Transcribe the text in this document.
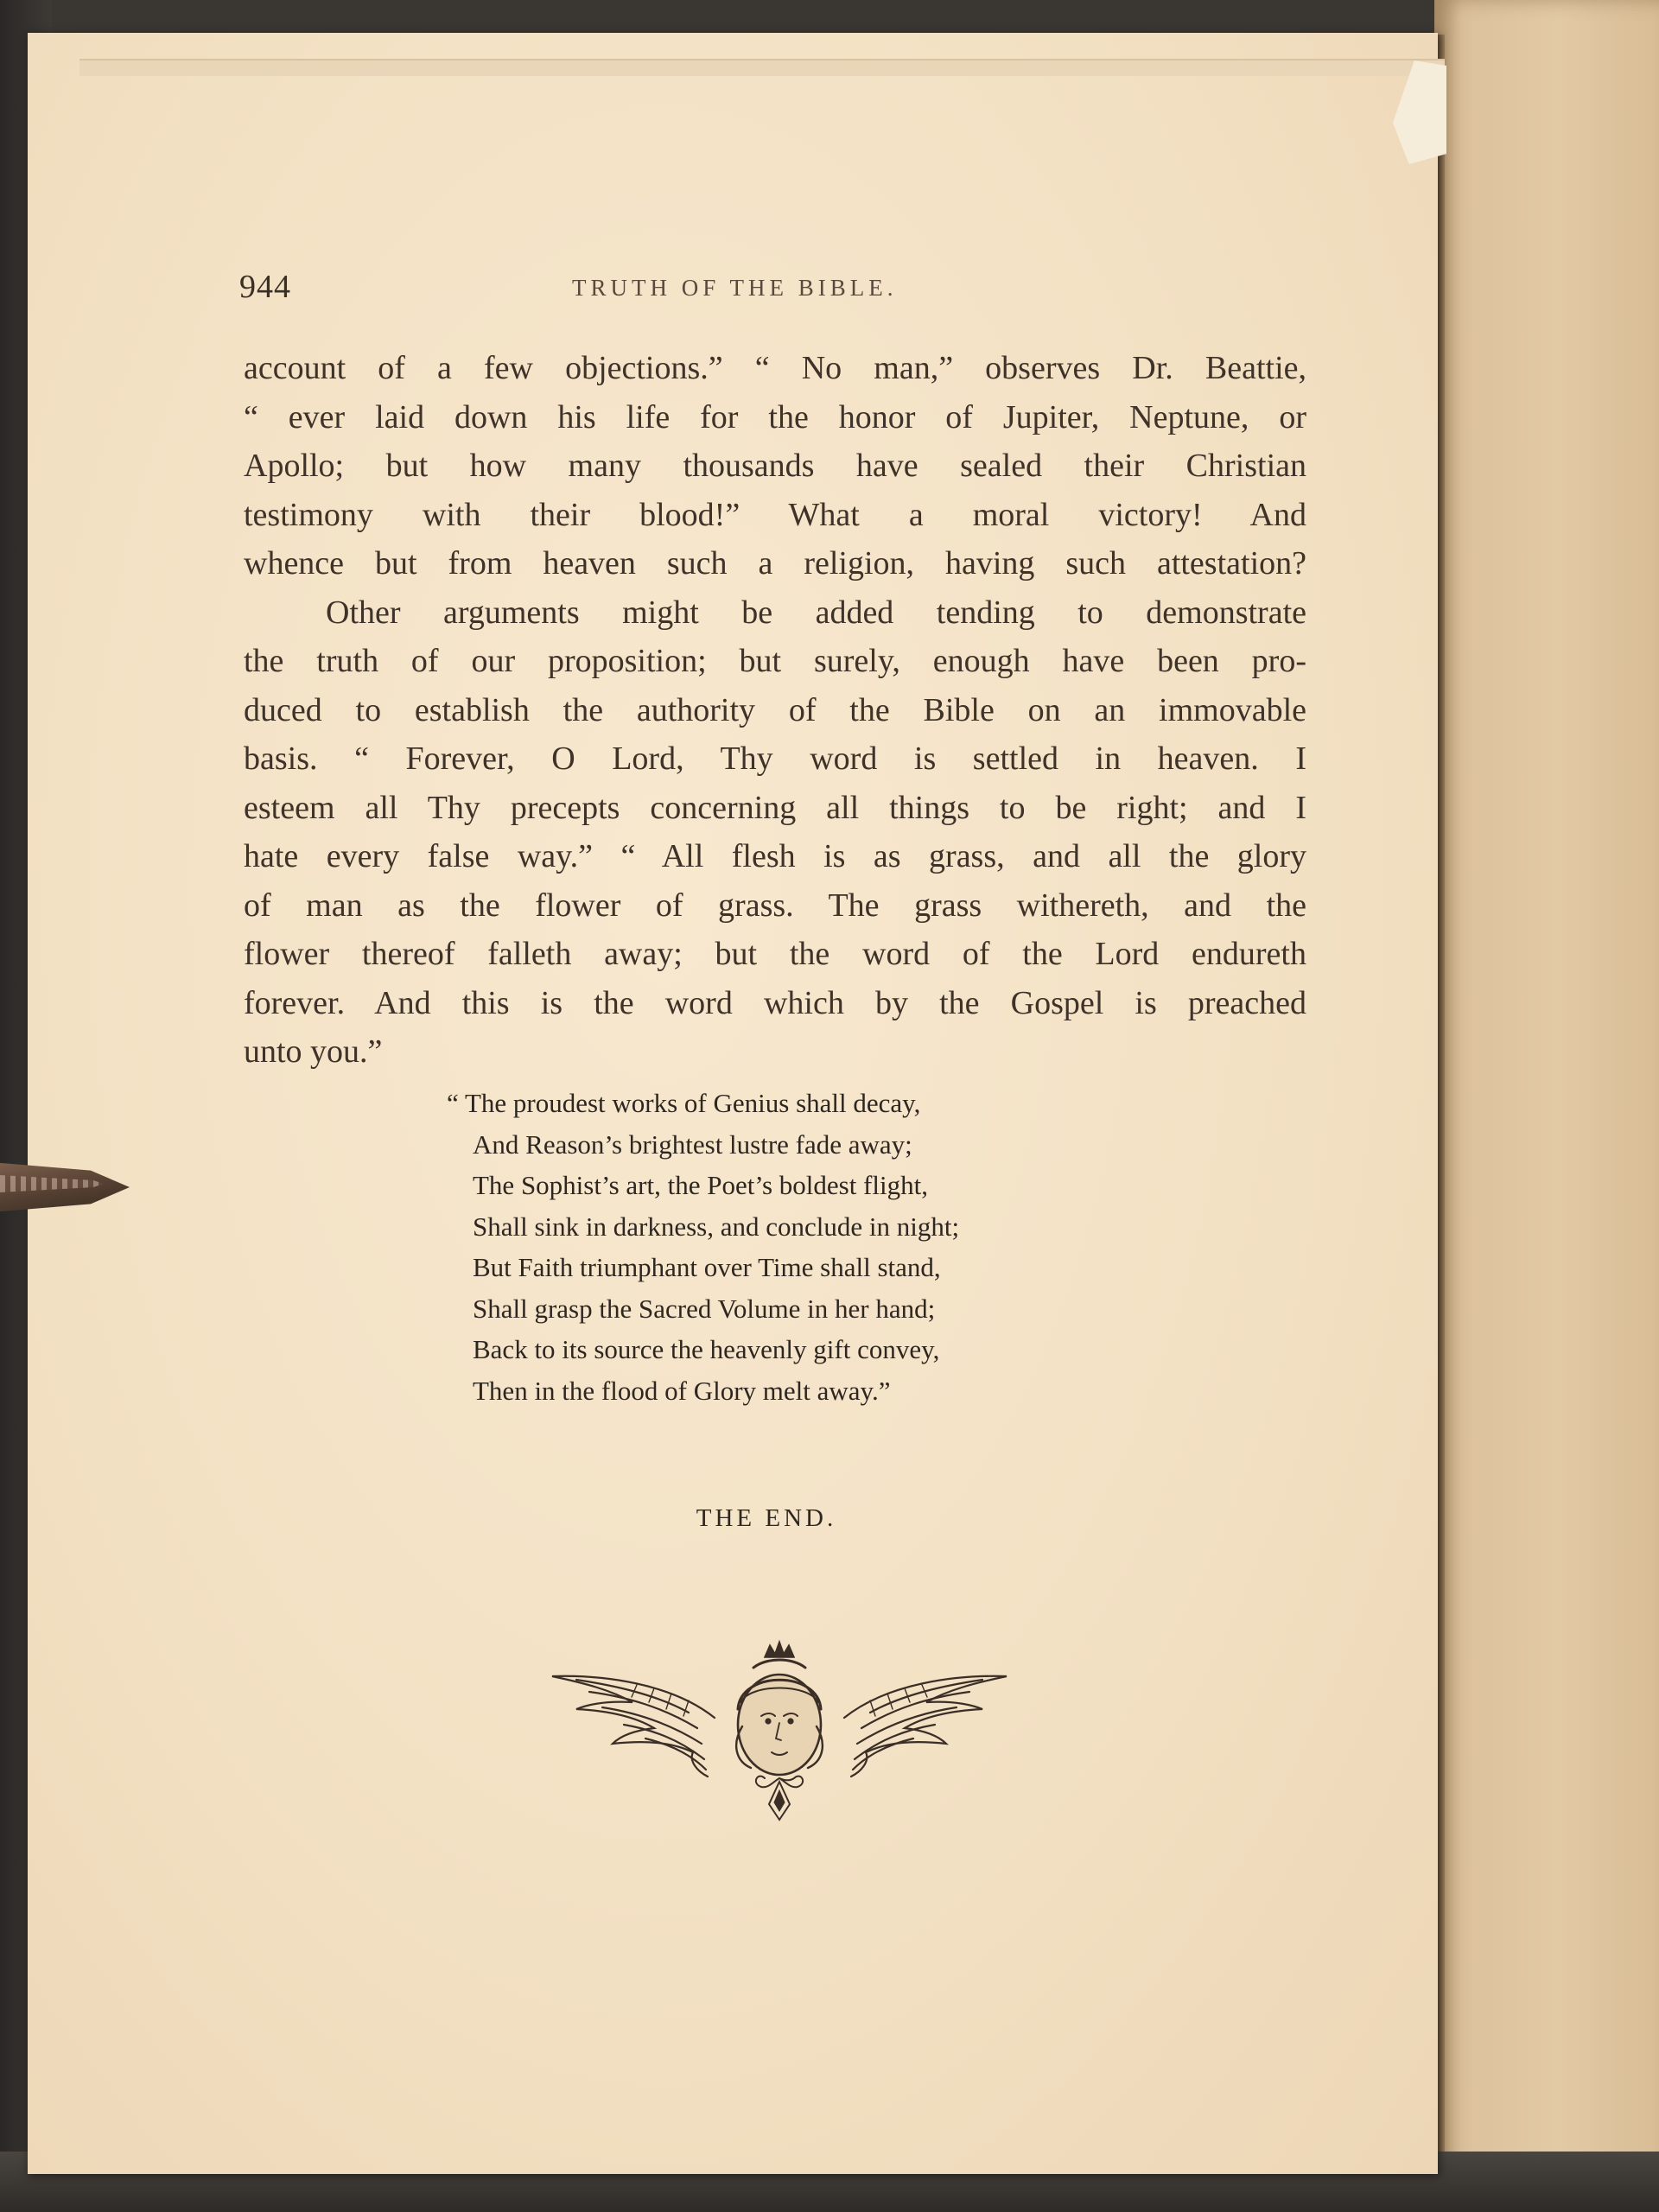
944	TRUTH OF THE BIBLE.
account of a few objections.” “ No man,” observes Dr. Beattie,
“ ever laid down his life for the honor of Jupiter, Neptune, or
Apollo; but how many thousands have sealed their Christian
testimony with their blood!” What a moral victory! And
whence but from heaven such a religion, having such attestation?
Other arguments might be added tending to demonstrate
the truth of our proposition; but surely, enough have been pro-
duced to establish the authority of the Bible on an immovable
basis. “ Forever, O Lord, Thy word is settled in heaven. I
esteem all Thy precepts concerning all things to be right; and I
hate every false way.” “ All flesh is as grass, and all the glory
of man as the flower of grass. The grass withereth, and the
flower thereof falleth away; but the word of the Lord endureth
forever. And this is the word which by the Gospel is preached
unto you.”
“ The proudest works of Genius shall decay,
And Reason’s brightest lustre fade away;
The Sophist’s art, the Poet’s boldest flight,
Shall sink in darkness, and conclude in night;
But Faith triumphant over Time shall stand,
Shall grasp the Sacred Volume in her hand;
Back to its source the heavenly gift convey,
Then in the flood of Glory melt away.”
THE END.
